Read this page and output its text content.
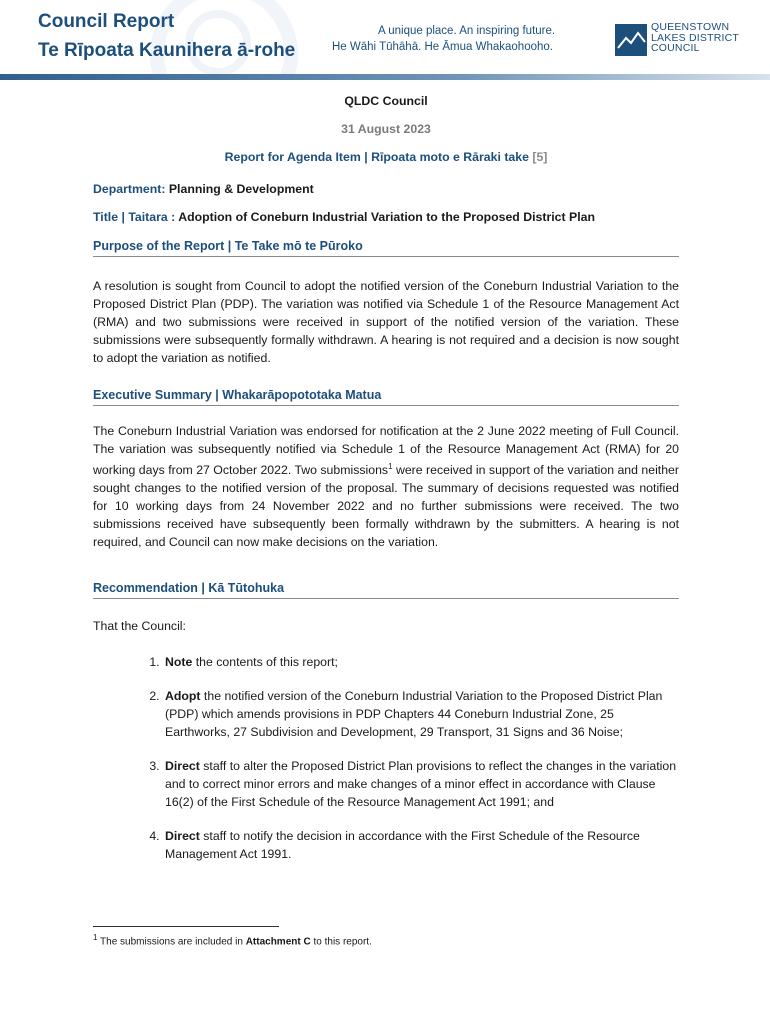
Council Report
Te Rīpoata Kaunihera ā-rohe
A unique place. An inspiring future.
He Wāhi Tūhāhā. He Āmua Whakaohooho.
QUEENSTOWN
LAKES DISTRICT
COUNCIL
QLDC Council
31 August 2023
Report for Agenda Item | Rīpoata moto e Rāraki take [5]
Department: Planning & Development
Title | Taitara : Adoption of Coneburn Industrial Variation to the Proposed District Plan
Purpose of the Report | Te Take mō te Pūroko

A resolution is sought from Council to adopt the notified version of the Coneburn Industrial Variation to the Proposed District Plan (PDP). The variation was notified via Schedule 1 of the Resource Management Act (RMA) and two submissions were received in support of the notified version of the variation. These submissions were subsequently formally withdrawn. A hearing is not required and a decision is now sought to adopt the variation as notified.

Executive Summary | Whakarāpopototaka Matua

The Coneburn Industrial Variation was endorsed for notification at the 2 June 2022 meeting of Full Council. The variation was subsequently notified via Schedule 1 of the Resource Management Act (RMA) for 20 working days from 27 October 2022. Two submissions$^1$ were received in support of the variation and neither sought changes to the notified version of the proposal. The summary of decisions requested was notified for 10 working days from 24 November 2022 and no further submissions were received. The two submissions received have subsequently been formally withdrawn by the submitters. A hearing is not required, and Council can now make decisions on the variation.

Recommendation | Kā Tūtohuka

That the Council:

1. Note the contents of this report;
2. Adopt the notified version of the Coneburn Industrial Variation to the Proposed District Plan (PDP) which amends provisions in PDP Chapters 44 Coneburn Industrial Zone, 25 Earthworks, 27 Subdivision and Development, 29 Transport, 31 Signs and 36 Noise;
3. Direct staff to alter the Proposed District Plan provisions to reflect the changes in the variation and to correct minor errors and make changes of a minor effect in accordance with Clause 16(2) of the First Schedule of the Resource Management Act 1991; and
4. Direct staff to notify the decision in accordance with the First Schedule of the Resource Management Act 1991.
$^1$ The submissions are included in Attachment C to this report.
